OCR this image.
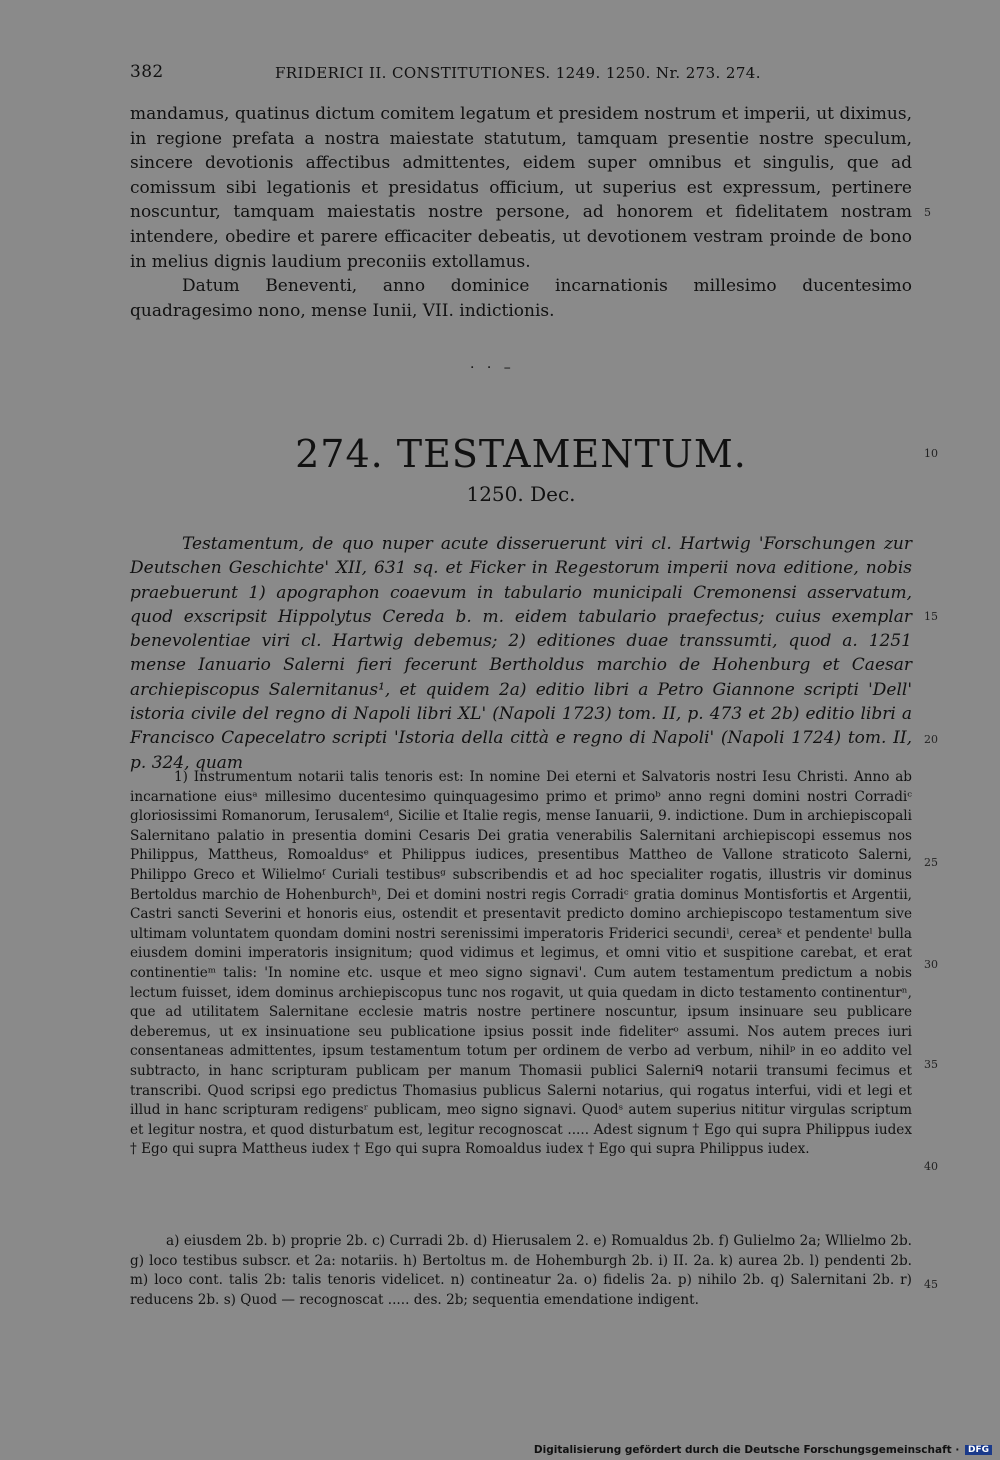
382	FRIDERICI II. CONSTITUTIONES. 1249. 1250. Nr. 273. 274.

mandamus, quatinus dictum comitem legatum et presidem nostrum et imperii, ut diximus, in regione prefata a nostra maiestate statutum, tamquam presentie nostre speculum, sincere devotionis affectibus admittentes, eidem super omnibus et singulis, que ad comissum sibi legationis et presidatus officium, ut superius est expressum, pertinere noscuntur, tamquam maiestatis nostre persone, ad honorem et fidelitatem nostram intendere, obedire et parere efficaciter debeatis, ut devotionem vestram proinde de bono in melius dignis laudium preconiis extollamus.

Datum Beneventi, anno dominice incarnationis millesimo ducentesimo quadragesimo nono, mense Iunii, VII. indictionis.

· · –
274. TESTAMENTUM.
1250. Dec.

Testamentum, de quo nuper acute disseruerunt viri cl. Hartwig 'Forschungen zur Deutschen Geschichte' XII, 631 sq. et Ficker in Regestorum imperii nova editione, nobis praebuerunt 1) apographon coaevum in tabulario municipali Cremonensi asservatum, quod exscripsit Hippolytus Cereda b. m. eidem tabulario praefectus; cuius exemplar benevolentiae viri cl. Hartwig debemus; 2) editiones duae transsumti, quod a. 1251 mense Ianuario Salerni fieri fecerunt Bertholdus marchio de Hohenburg et Caesar archiepiscopus Salernitanus¹, et quidem 2a) editio libri a Petro Giannone scripti 'Dell' istoria civile del regno di Napoli libri XL' (Napoli 1723) tom. II, p. 473 et 2b) editio libri a Francisco Capecelatro scripti 'Istoria della città e regno di Napoli' (Napoli 1724) tom. II, p. 324, quam

1) Instrumentum notarii talis tenoris est: In nomine Dei eterni et Salvatoris nostri Iesu Christi. Anno ab incarnatione eiusᵃ millesimo ducentesimo quinquagesimo primo et primoᵇ anno regni domini nostri Corradiᶜ gloriosissimi Romanorum, Ierusalemᵈ, Sicilie et Italie regis, mense Ianuarii, 9. indictione. Dum in archiepiscopali Salernitano palatio in presentia domini Cesaris Dei gratia venerabilis Salernitani archiepiscopi essemus nos Philippus, Mattheus, Romoaldusᵉ et Philippus iudices, presentibus Mattheo de Vallone straticoto Salerni, Philippo Greco et Wilielmoᶠ Curiali testibusᵍ subscribendis et ad hoc specialiter rogatis, illustris vir dominus Bertoldus marchio de Hohenburchʰ, Dei et domini nostri regis Corradiᶜ gratia dominus Montisfortis et Argentii, Castri sancti Severini et honoris eius, ostendit et presentavit predicto domino archiepiscopo testamentum sive ultimam voluntatem quondam domini nostri serenissimi imperatoris Friderici secundiⁱ, cereaᵏ et pendenteˡ bulla eiusdem domini imperatoris insignitum; quod vidimus et legimus, et omni vitio et suspitione carebat, et erat continentieᵐ talis: 'In nomine etc. usque et meo signo signavi'. Cum autem testamentum predictum a nobis lectum fuisset, idem dominus archiepiscopus tunc nos rogavit, ut quia quedam in dicto testamento continenturⁿ, que ad utilitatem Salernitane ecclesie matris nostre pertinere noscuntur, ipsum insinuare seu publicare deberemus, ut ex insinuatione seu publicatione ipsius possit inde fideliterᵒ assumi. Nos autem preces iuri consentaneas admittentes, ipsum testamentum totum per ordinem de verbo ad verbum, nihilᵖ in eo addito vel subtracto, in hanc scripturam publicam per manum Thomasii publici Salerniᑫ notarii transumi fecimus et transcribi. Quod scripsi ego predictus Thomasius publicus Salerni notarius, qui rogatus interfui, vidi et legi et illud in hanc scripturam redigensʳ publicam, meo signo signavi. Quodˢ autem superius nititur virgulas scriptum et legitur nostra, et quod disturbatum est, legitur recognoscat ..... Adest signum † Ego qui supra Philippus iudex † Ego qui supra Mattheus iudex † Ego qui supra Romoaldus iudex † Ego qui supra Philippus iudex.

a) eiusdem 2b. b) proprie 2b. c) Curradi 2b. d) Hierusalem 2. e) Romualdus 2b. f) Gulielmo 2a; Wllielmo 2b. g) loco testibus subscr. et 2a: notariis. h) Bertoltus m. de Hohemburgh 2b. i) II. 2a. k) aurea 2b. l) pendenti 2b. m) loco cont. talis 2b: talis tenoris videlicet. n) contineatur 2a. o) fidelis 2a. p) nihilo 2b. q) Salernitani 2b. r) reducens 2b. s) Quod — recognoscat ..... des. 2b; sequentia emendatione indigent.

5
10
15
20
25
30
35
40
45
Digitalisierung gefördert durch die Deutsche Forschungsgemeinschaft · DFG
